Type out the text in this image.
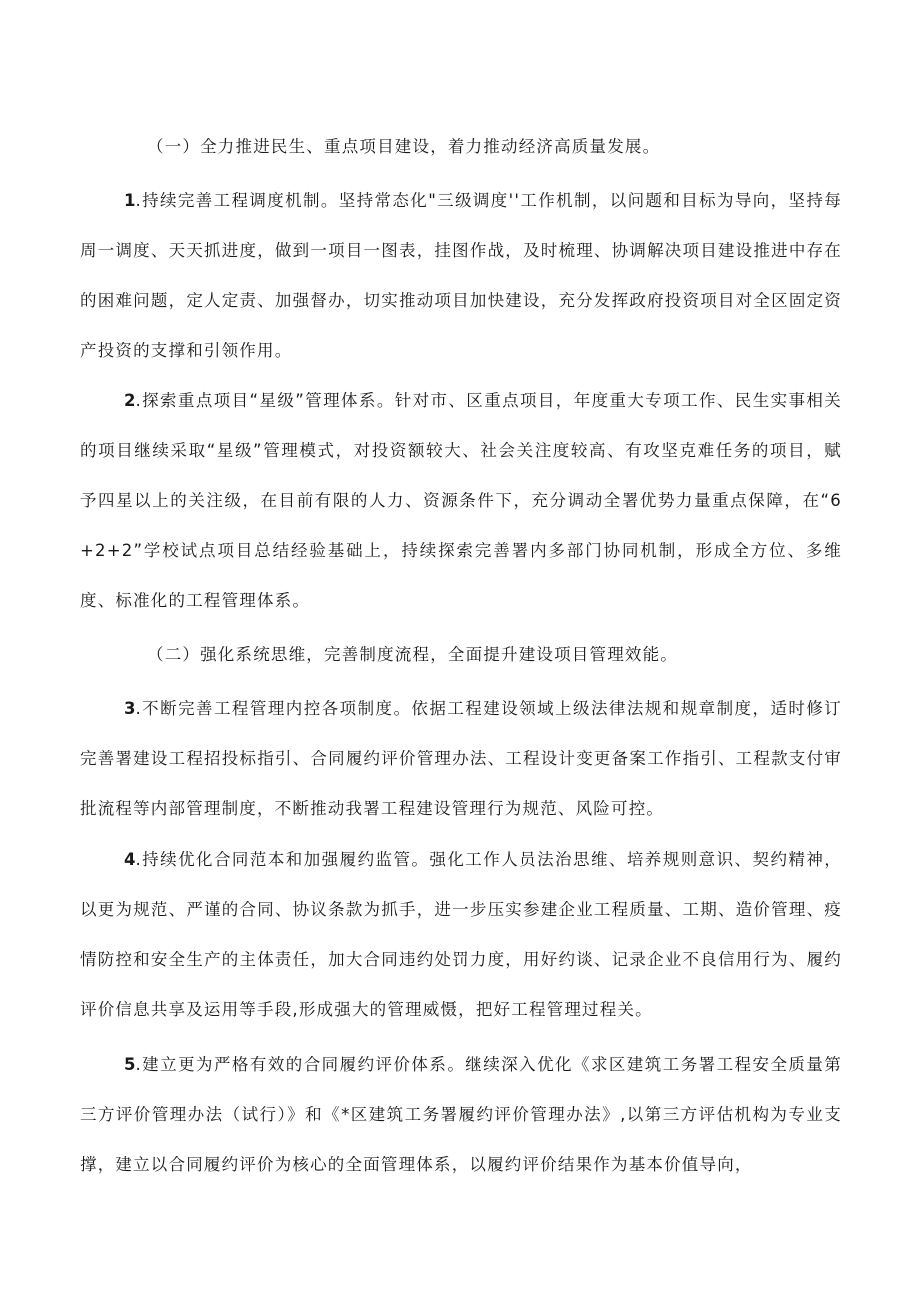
（一）全力推进民生、重点项目建设，着力推动经济高质量发展。

1.持续完善工程调度机制。坚持常态化"三级调度''工作机制，以问题和目标为导向，坚持每周一调度、天天抓进度，做到一项目一图表，挂图作战，及时梳理、协调解决项目建设推进中存在的困难问题，定人定责、加强督办，切实推动项目加快建设，充分发挥政府投资项目对全区固定资产投资的支撑和引领作用。

2.探索重点项目“星级”管理体系。针对市、区重点项目，年度重大专项工作、民生实事相关的项目继续采取“星级”管理模式，对投资额较大、社会关注度较高、有攻坚克难任务的项目，赋予四星以上的关注级，在目前有限的人力、资源条件下，充分调动全署优势力量重点保障，在“6+2+2”学校试点项目总结经验基础上，持续探索完善署内多部门协同机制，形成全方位、多维度、标准化的工程管理体系。

（二）强化系统思维，完善制度流程，全面提升建设项目管理效能。

3.不断完善工程管理内控各项制度。依据工程建设领域上级法律法规和规章制度，适时修订完善署建设工程招投标指引、合同履约评价管理办法、工程设计变更备案工作指引、工程款支付审批流程等内部管理制度，不断推动我署工程建设管理行为规范、风险可控。

4.持续优化合同范本和加强履约监管。强化工作人员法治思维、培养规则意识、契约精神，以更为规范、严谨的合同、协议条款为抓手，进一步压实参建企业工程质量、工期、造价管理、疫情防控和安全生产的主体责任，加大合同违约处罚力度，用好约谈、记录企业不良信用行为、履约评价信息共享及运用等手段,形成强大的管理威慑，把好工程管理过程关。

5.建立更为严格有效的合同履约评价体系。继续深入优化《求区建筑工务署工程安全质量第三方评价管理办法（试行）》和《*区建筑工务署履约评价管理办法》,以第三方评估机构为专业支撑，建立以合同履约评价为核心的全面管理体系，以履约评价结果作为基本价值导向，
